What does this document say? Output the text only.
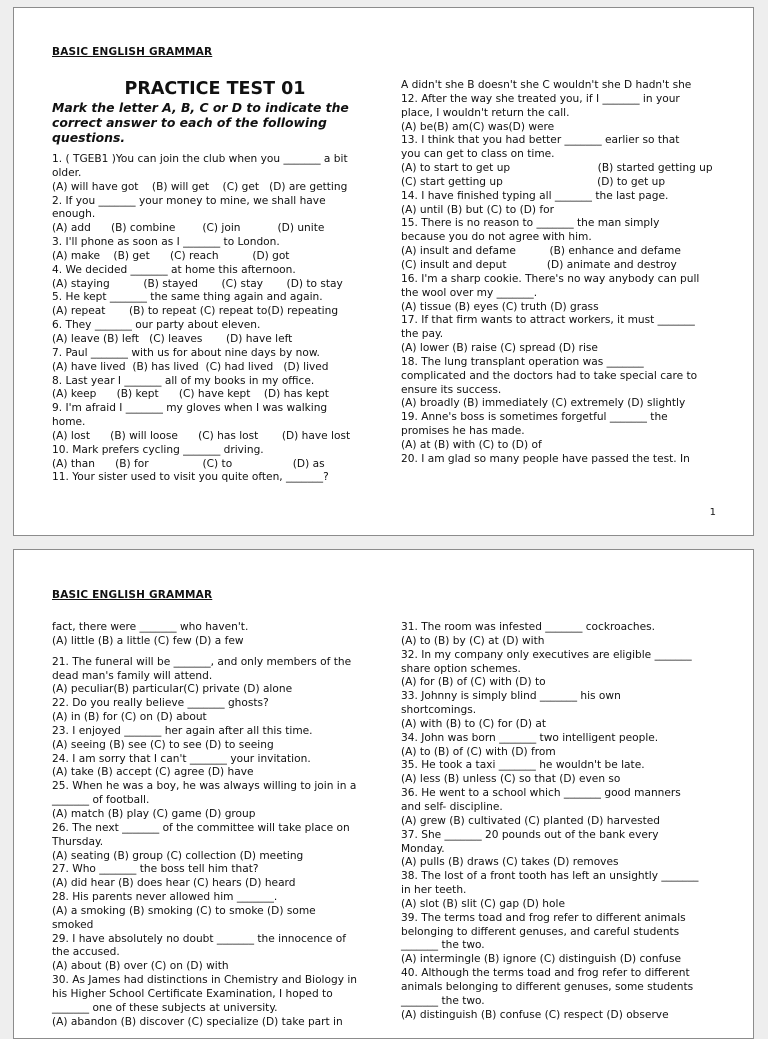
BASIC ENGLISH GRAMMAR
PRACTICE TEST 01
Mark the letter A, B, C or D to indicate the
correct answer to each of the following
questions.
1. ( TGEB1 )You can join the club when you _______ a bit
older.
(A) will have got    (B) will get    (C) get   (D) are getting
2. If you _______ your money to mine, we shall have
enough.
(A) add      (B) combine        (C) join           (D) unite
3. I'll phone as soon as I _______ to London.
(A) make    (B) get      (C) reach          (D) got
4. We decided _______ at home this afternoon.
(A) staying          (B) stayed       (C) stay       (D) to stay
5. He kept _______ the same thing again and again.
(A) repeat       (B) to repeat (C) repeat to(D) repeating
6. They _______ our party about eleven.
(A) leave (B) left   (C) leaves       (D) have left
7. Paul _______ with us for about nine days by now.
(A) have lived  (B) has lived  (C) had lived   (D) lived
8. Last year I _______ all of my books in my office.
(A) keep      (B) kept      (C) have kept    (D) has kept
9. I'm afraid I _______ my gloves when I was walking
home.
(A) lost      (B) will loose      (C) has lost       (D) have lost
10. Mark prefers cycling _______ driving.
(A) than      (B) for                (C) to                  (D) as
11. Your sister used to visit you quite often, _______?
A didn't she B doesn't she C wouldn't she D hadn't she
12. After the way she treated you, if I _______ in your
place, I wouldn't return the call.
(A) be(B) am(C) was(D) were
13. I think that you had better _______ earlier so that
you can get to class on time.
(A) to start to get up                          (B) started getting up
(C) start getting up                            (D) to get up
14. I have finished typing all _______ the last page.
(A) until (B) but (C) to (D) for
15. There is no reason to _______ the man simply
because you do not agree with him.
(A) insult and defame          (B) enhance and defame
(C) insult and deput            (D) animate and destroy
16. I'm a sharp cookie. There's no way anybody can pull
the wool over my _______.
(A) tissue (B) eyes (C) truth (D) grass
17. If that firm wants to attract workers, it must _______
the pay.
(A) lower (B) raise (C) spread (D) rise
18. The lung transplant operation was _______
complicated and the doctors had to take special care to
ensure its success.
(A) broadly (B) immediately (C) extremely (D) slightly
19. Anne's boss is sometimes forgetful _______ the
promises he has made.
(A) at (B) with (C) to (D) of
20. I am glad so many people have passed the test. In
1
BASIC ENGLISH GRAMMAR
fact, there were _______ who haven't.
(A) little (B) a little (C) few (D) a few
21. The funeral will be _______, and only members of the
dead man's family will attend.
(A) peculiar(B) particular(C) private (D) alone
22. Do you really believe _______ ghosts?
(A) in (B) for (C) on (D) about
23. I enjoyed _______ her again after all this time.
(A) seeing (B) see (C) to see (D) to seeing
24. I am sorry that I can't _______ your invitation.
(A) take (B) accept (C) agree (D) have
25. When he was a boy, he was always willing to join in a
_______ of football.
(A) match (B) play (C) game (D) group
26. The next _______ of the committee will take place on
Thursday.
(A) seating (B) group (C) collection (D) meeting
27. Who _______ the boss tell him that?
(A) did hear (B) does hear (C) hears (D) heard
28. His parents never allowed him _______.
(A) a smoking (B) smoking (C) to smoke (D) some
smoked
29. I have absolutely no doubt _______ the innocence of
the accused.
(A) about (B) over (C) on (D) with
30. As James had distinctions in Chemistry and Biology in
his Higher School Certificate Examination, I hoped to
_______ one of these subjects at university.
(A) abandon (B) discover (C) specialize (D) take part in
31. The room was infested _______ cockroaches.
(A) to (B) by (C) at (D) with
32. In my company only executives are eligible _______
share option schemes.
(A) for (B) of (C) with (D) to
33. Johnny is simply blind _______ his own
shortcomings.
(A) with (B) to (C) for (D) at
34. John was born _______ two intelligent people.
(A) to (B) of (C) with (D) from
35. He took a taxi _______ he wouldn't be late.
(A) less (B) unless (C) so that (D) even so
36. He went to a school which _______ good manners
and self- discipline.
(A) grew (B) cultivated (C) planted (D) harvested
37. She _______ 20 pounds out of the bank every
Monday.
(A) pulls (B) draws (C) takes (D) removes
38. The lost of a front tooth has left an unsightly _______
in her teeth.
(A) slot (B) slit (C) gap (D) hole
39. The terms toad and frog refer to different animals
belonging to different genuses, and careful students
_______ the two.
(A) intermingle (B) ignore (C) distinguish (D) confuse
40. Although the terms toad and frog refer to different
animals belonging to different genuses, some students
_______ the two.
(A) distinguish (B) confuse (C) respect (D) observe
